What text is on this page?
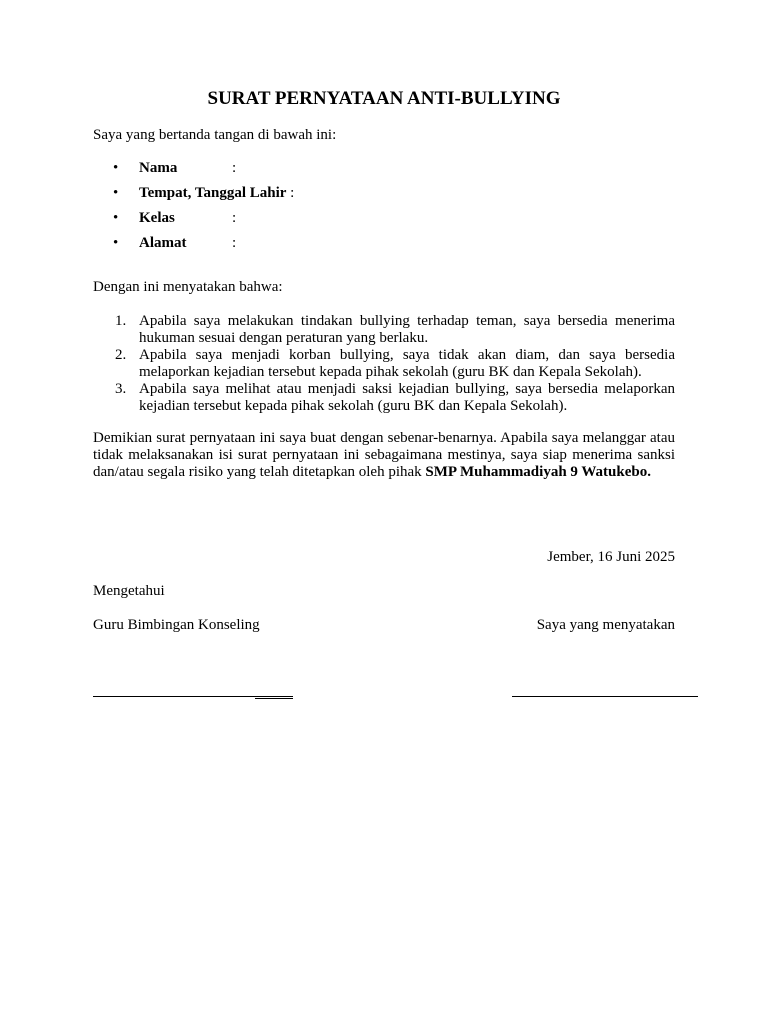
SURAT PERNYATAAN ANTI-BULLYING
Saya yang bertanda tangan di bawah ini:
• Nama	:
• Tempat, Tanggal Lahir :
• Kelas	:
• Alamat	:
Dengan ini menyatakan bahwa:
1. Apabila saya melakukan tindakan bullying terhadap teman, saya bersedia menerima hukuman sesuai dengan peraturan yang berlaku.
2. Apabila saya menjadi korban bullying, saya tidak akan diam, dan saya bersedia melaporkan kejadian tersebut kepada pihak sekolah (guru BK dan Kepala Sekolah).
3. Apabila saya melihat atau menjadi saksi kejadian bullying, saya bersedia melaporkan kejadian tersebut kepada pihak sekolah (guru BK dan Kepala Sekolah).
Demikian surat pernyataan ini saya buat dengan sebenar-benarnya. Apabila saya melanggar atau tidak melaksanakan isi surat pernyataan ini sebagaimana mestinya, saya siap menerima sanksi dan/atau segala risiko yang telah ditetapkan oleh pihak SMP Muhammadiyah 9 Watukebo.
Jember, 16 Juni 2025
Mengetahui
Guru Bimbingan Konseling	Saya yang menyatakan
